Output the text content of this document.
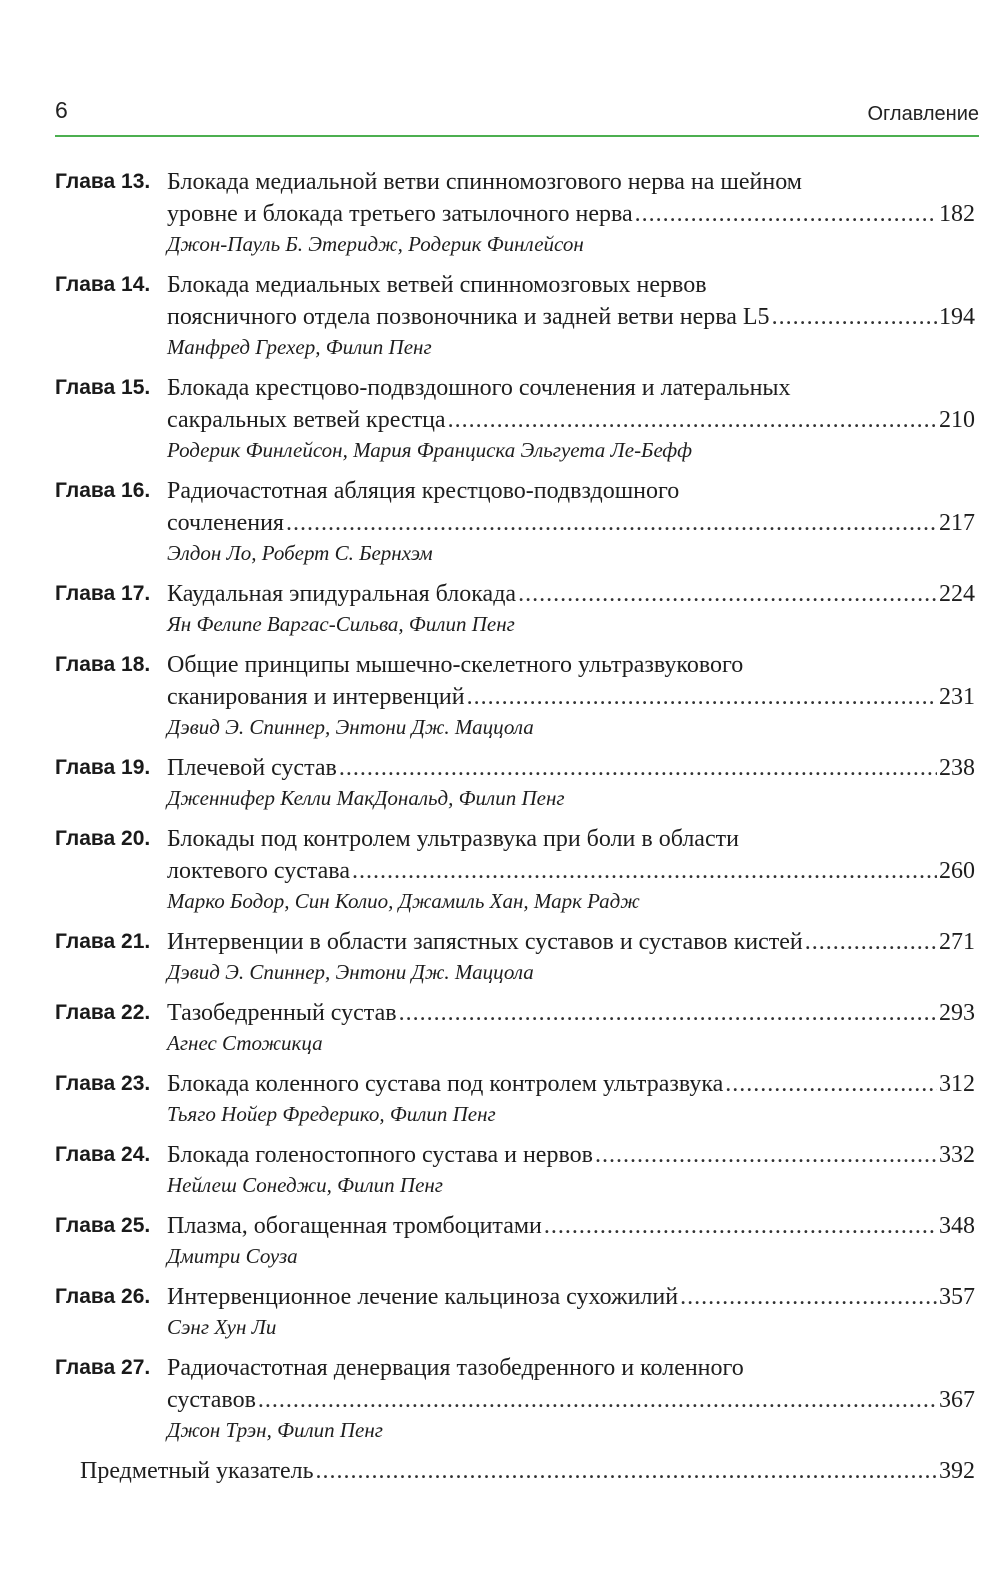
6	Оглавление
Глава 13. Блокада медиальной ветви спинномозгового нерва на шейном
уровне и блокада третьего затылочного нерва .....	182
Джон-Пауль Б. Этеридж, Родерик Финлейсон
Глава 14. Блокада медиальных ветвей спинномозговых нервов
поясничного отдела позвоночника и задней ветви нерва L5 .....	194
Манфред Грехер, Филип Пенг
Глава 15. Блокада крестцово-подвздошного сочленения и латеральных
сакральных ветвей крестца .....	210
Родерик Финлейсон, Мария Франциска Эльгуета Ле-Бефф
Глава 16. Радиочастотная абляция крестцово-подвздошного
сочленения .....	217
Элдон Ло, Роберт С. Бернхэм
Глава 17. Каудальная эпидуральная блокада .....	224
Ян Фелипе Варгас-Сильва, Филип Пенг
Глава 18. Общие принципы мышечно-скелетного ультразвукового
сканирования и интервенций .....	231
Дэвид Э. Спиннер, Энтони Дж. Маццола
Глава 19. Плечевой сустав .....	238
Дженнифер Келли МакДональд, Филип Пенг
Глава 20. Блокады под контролем ультразвука при боли в области
локтевого сустава .....	260
Марко Бодор, Син Колио, Джамиль Хан, Марк Радж
Глава 21. Интервенции в области запястных суставов и суставов кистей .....	271
Дэвид Э. Спиннер, Энтони Дж. Маццола
Глава 22. Тазобедренный сустав .....	293
Агнес Стожикца
Глава 23. Блокада коленного сустава под контролем ультразвука .....	312
Тьяго Нойер Фредерико, Филип Пенг
Глава 24. Блокада голеностопного сустава и нервов .....	332
Нейлеш Сонеджи, Филип Пенг
Глава 25. Плазма, обогащенная тромбоцитами .....	348
Дмитри Соуза
Глава 26. Интервенционное лечение кальциноза сухожилий .....	357
Сэнг Хун Ли
Глава 27. Радиочастотная денервация тазобедренного и коленного
суставов .....	367
Джон Трэн, Филип Пенг
Предметный указатель .....	392
